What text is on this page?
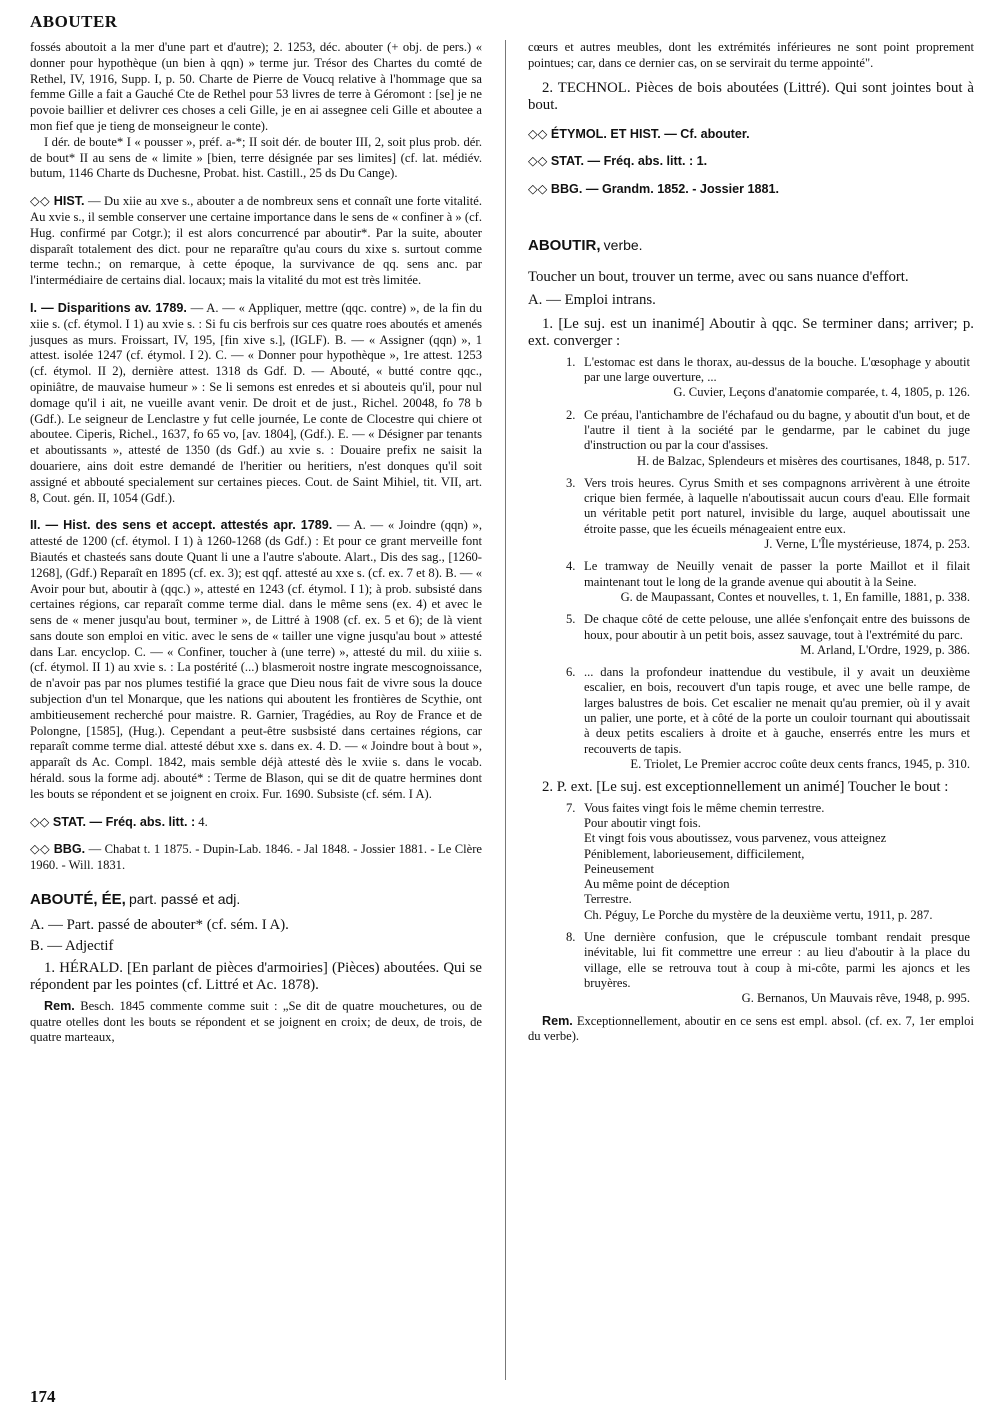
ABOUTER

fossés aboutoit a la mer d'une part et d'autre); 2. 1253, déc. abouter (+ obj. de pers.) « donner pour hypothèque (un bien à qqn) » terme jur. Trésor des Chartes du comté de Rethel, IV, 1916, Supp. I, p. 50. Charte de Pierre de Voucq relative à l'hommage que sa femme Gille a fait a Gauché Cte de Rethel pour 53 livres de terre à Géromont : [se] je ne povoie baillier et delivrer ces choses a celi Gille, je en ai assegnee celi Gille et aboutee a mon fief que je tieng de monseigneur le conte).

I dér. de boute* I « pousser », préf. a-*; II soit dér. de bouter III, 2, soit plus prob. dér. de bout* II au sens de « limite » [bien, terre désignée par ses limites] (cf. lat. médiév. butum, 1146 Charte ds Duchesne, Probat. hist. Castill., 25 ds Du Cange).

◇◇ HIST. — Du xiie au xve s., abouter a de nombreux sens et connaît une forte vitalité. Au xvie s., il semble conserver une certaine importance dans le sens de « confiner à » (cf. Hug. confirmé par Cotgr.); il est alors concurrencé par aboutir*. Par la suite, abouter disparaît totalement des dict. pour ne reparaître qu'au cours du xixe s. surtout comme terme techn.; on remarque, à cette époque, la survivance de qq. sens anc. par l'intermédiaire de certains dial. locaux; mais la vitalité du mot est très limitée.

I. — Disparitions av. 1789. — A. — « Appliquer, mettre (qqc. contre) », de la fin du xiie s. (cf. étymol. I 1) au xvie s. : Si fu cis berfrois sur ces quatre roes aboutés et amenés jusques as murs. Froissart, IV, 195, [fin xive s.], (IGLF). B. — « Assigner (qqn) », 1 attest. isolée 1247 (cf. étymol. I 2). C. — « Donner pour hypothèque », 1re attest. 1253 (cf. étymol. II 2), dernière attest. 1318 ds Gdf. D. — Abouté, « butté contre qqc., opiniâtre, de mauvaise humeur » : Se li semons est enredes et si abouteis qu'il, pour nul domage qu'il i ait, ne vueille avant venir. De droit et de just., Richel. 20048, fo 78 b (Gdf.). Le seigneur de Lenclastre y fut celle journée, Le conte de Clocestre qui chiere ot aboutee. Ciperis, Richel., 1637, fo 65 vo, [av. 1804], (Gdf.). E. — « Désigner par tenants et aboutissants », attesté de 1350 (ds Gdf.) au xvie s. : Douaire prefix ne saisit la douariere, ains doit estre demandé de l'heritier ou heritiers, n'est donques qu'il soit assigné et abbouté specialement sur certaines pieces. Cout. de Saint Mihiel, tit. VII, art. 8, Cout. gén. II, 1054 (Gdf.).

II. — Hist. des sens et accept. attestés apr. 1789. — A. — « Joindre (qqn) », attesté de 1200 (cf. étymol. I 1) à 1260-1268 (ds Gdf.) : Et pour ce grant merveille font Biautés et chasteés sans doute Quant li une a l'autre s'aboute. Alart., Dis des sag., [1260-1268], (Gdf.) Reparaît en 1895 (cf. ex. 3); est qqf. attesté au xxe s. (cf. ex. 7 et 8). B. — « Avoir pour but, aboutir à (qqc.) », attesté en 1243 (cf. étymol. I 1); à prob. subsisté dans certaines régions, car reparaît comme terme dial. dans le même sens (ex. 4) et avec le sens de « mener jusqu'au bout, terminer », de Littré à 1908 (cf. ex. 5 et 6); de là vient sans doute son emploi en vitic. avec le sens de « tailler une vigne jusqu'au bout » attesté dans Lar. encyclop. C. — « Confiner, toucher à (une terre) », attesté du mil. du xiiie s. (cf. étymol. II 1) au xvie s. : La postérité (...) blasmeroit nostre ingrate mescognoissance, de n'avoir pas par nos plumes testifié la grace que Dieu nous fait de vivre sous la douce subjection d'un tel Monarque, que les nations qui aboutent les frontières de Scythie, ont ambitieusement recherché pour maistre. R. Garnier, Tragédies, au Roy de France et de Polongne, [1585], (Hug.). Cependant a peut-être susbsisté dans certaines régions, car reparaît comme terme dial. attesté début xxe s. dans ex. 4. D. — « Joindre bout à bout », apparaît ds Ac. Compl. 1842, mais semble déjà attesté dès le xviie s. dans le vocab. hérald. sous la forme adj. abouté* : Terme de Blason, qui se dit de quatre hermines dont les bouts se répondent et se joignent en croix. Fur. 1690. Subsiste (cf. sém. I A).

◇◇ STAT. — Fréq. abs. litt. : 4.

◇◇ BBG. — Chabat t. 1 1875. - Dupin-Lab. 1846. - Jal 1848. - Jossier 1881. - Le Clère 1960. - Will. 1831.

ABOUTÉ, ÉE, part. passé et adj.

A. — Part. passé de abouter* (cf. sém. I A).

B. — Adjectif

1. HÉRALD. [En parlant de pièces d'armoiries] (Pièces) aboutées. Qui se répondent par les pointes (cf. Littré et Ac. 1878).

Rem. Besch. 1845 commente comme suit : „Se dit de quatre mouchetures, ou de quatre otelles dont les bouts se répondent et se joignent en croix; de deux, de trois, de quatre marteaux,

cœurs et autres meubles, dont les extrémités inférieures ne sont point proprement pointues; car, dans ce dernier cas, on se servirait du terme appointé".

2. TECHNOL. Pièces de bois aboutées (Littré). Qui sont jointes bout à bout.

◇◇ ÉTYMOL. ET HIST. — Cf. abouter.

◇◇ STAT. — Fréq. abs. litt. : 1.

◇◇ BBG. — Grandm. 1852. - Jossier 1881.

ABOUTIR, verbe.

Toucher un bout, trouver un terme, avec ou sans nuance d'effort.

A. — Emploi intrans.

1. [Le suj. est un inanimé] Aboutir à qqc. Se terminer dans; arriver; p. ext. converger :

1. L'estomac est dans le thorax, au-dessus de la bouche. L'œsophage y aboutit par une large ouverture, ...
G. Cuvier, Leçons d'anatomie comparée, t. 4, 1805, p. 126.
2. Ce préau, l'antichambre de l'échafaud ou du bagne, y aboutit d'un bout, et de l'autre il tient à la société par le gendarme, par le cabinet du juge d'instruction ou par la cour d'assises.
H. de Balzac, Splendeurs et misères des courtisanes, 1848, p. 517.
3. Vers trois heures. Cyrus Smith et ses compagnons arrivèrent à une étroite crique bien fermée, à laquelle n'aboutissait aucun cours d'eau. Elle formait un véritable petit port naturel, invisible du large, auquel aboutissait une étroite passe, que les écueils ménageaient entre eux.
J. Verne, L'Île mystérieuse, 1874, p. 253.
4. Le tramway de Neuilly venait de passer la porte Maillot et il filait maintenant tout le long de la grande avenue qui aboutit à la Seine.
G. de Maupassant, Contes et nouvelles, t. 1, En famille, 1881, p. 338.
5. De chaque côté de cette pelouse, une allée s'enfonçait entre des buissons de houx, pour aboutir à un petit bois, assez sauvage, tout à l'extrémité du parc.
M. Arland, L'Ordre, 1929, p. 386.
6. ... dans la profondeur inattendue du vestibule, il y avait un deuxième escalier, en bois, recouvert d'un tapis rouge, et avec une belle rampe, de larges balustres de bois. Cet escalier ne menait qu'au premier, où il y avait un palier, une porte, et à côté de la porte un couloir tournant qui aboutissait à deux petits escaliers à droite et à gauche, enserrés entre les murs et recouverts de tapis.
E. Triolet, Le Premier accroc coûte deux cents francs, 1945, p. 310.

2. P. ext. [Le suj. est exceptionnellement un animé] Toucher le bout :

7. Vous faites vingt fois le même chemin terrestre.
Pour aboutir vingt fois.
Et vingt fois vous aboutissez, vous parvenez, vous atteignez
Péniblement, laborieusement, difficilement,
Peineusement
Au même point de déception
Terrestre.
Ch. Péguy, Le Porche du mystère de la deuxième vertu, 1911, p. 287.
8. Une dernière confusion, que le crépuscule tombant rendait presque inévitable, lui fit commettre une erreur : au lieu d'aboutir à la place du village, elle se retrouva tout à coup à mi-côte, parmi les ajoncs et les bruyères.
G. Bernanos, Un Mauvais rêve, 1948, p. 995.

Rem. Exceptionnellement, aboutir en ce sens est empl. absol. (cf. ex. 7, 1er emploi du verbe).

174
